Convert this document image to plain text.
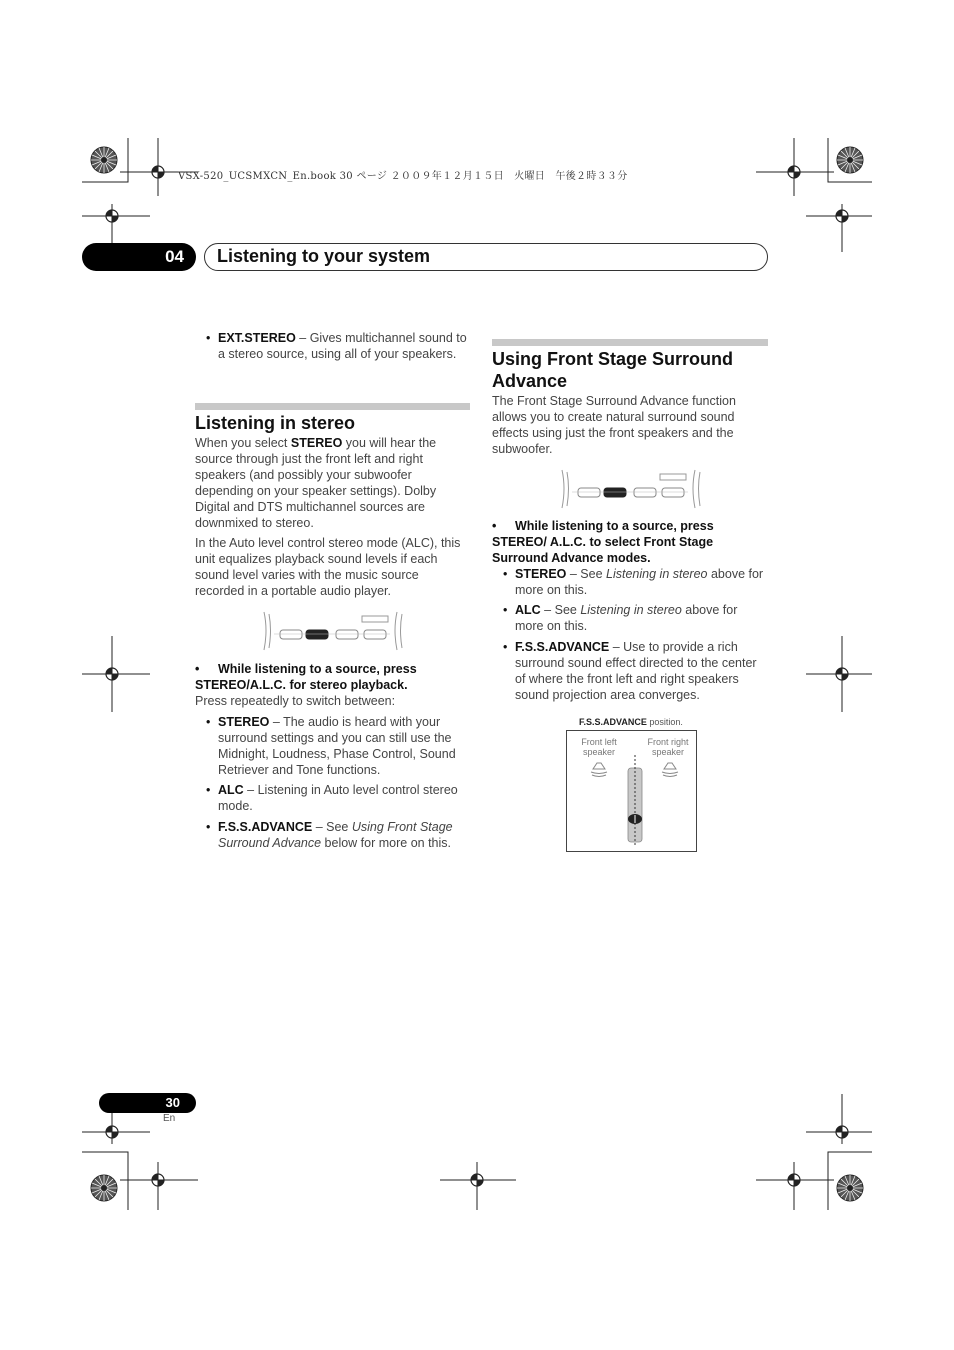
VSX-520_UCSMXCN_En.book 30 ページ ２００９年１２月１５日　火曜日　午後２時３３分
04	Listening to your system
• EXT.STEREO – Gives multichannel sound to a stereo source, using all of your speakers.
Listening in stereo

When you select STEREO you will hear the source through just the front left and right speakers (and possibly your subwoofer depending on your speaker settings). Dolby Digital and DTS multichannel sources are downmixed to stereo.

In the Auto level control stereo mode (ALC), this unit equalizes playback sound levels if each sound level varies with the music source recorded in a portable audio player.

• While listening to a source, press STEREO/A.L.C. for stereo playback.

Press repeatedly to switch between:

• STEREO – The audio is heard with your surround settings and you can still use the Midnight, Loudness, Phase Control, Sound Retriever and Tone functions.
• ALC – Listening in Auto level control stereo mode.
• F.S.S.ADVANCE – See Using Front Stage Surround Advance below for more on this.
Using Front Stage Surround Advance

The Front Stage Surround Advance function allows you to create natural surround sound effects using just the front speakers and the subwoofer.

• While listening to a source, press STEREO/ A.L.C. to select Front Stage Surround Advance modes.
• STEREO – See Listening in stereo above for more on this.
• ALC – See Listening in stereo above for more on this.
• F.S.S.ADVANCE – Use to provide a rich surround sound effect directed to the center of where the front left and right speakers sound projection area converges.
F.S.S.ADVANCE position.
Front left speaker
Front right speaker
30
En
